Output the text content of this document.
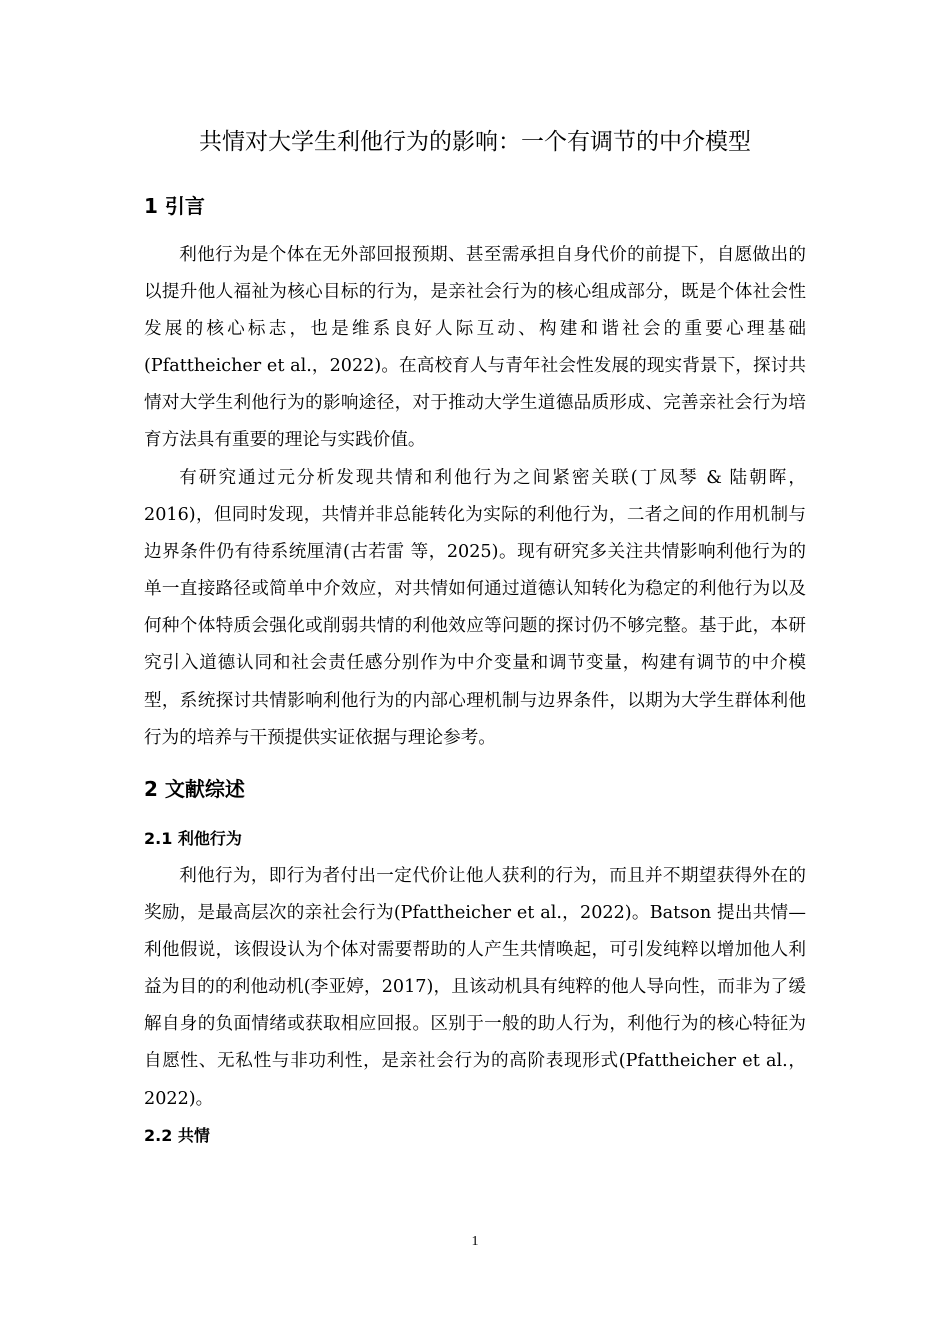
共情对大学生利他行为的影响：一个有调节的中介模型
1 引言

利他行为是个体在无外部回报预期、甚至需承担自身代价的前提下，自愿做出的以提升他人福祉为核心目标的行为，是亲社会行为的核心组成部分，既是个体社会性发展的核心标志，也是维系良好人际互动、构建和谐社会的重要心理基础(Pfattheicher et al.，2022)。在高校育人与青年社会性发展的现实背景下，探讨共情对大学生利他行为的影响途径，对于推动大学生道德品质形成、完善亲社会行为培育方法具有重要的理论与实践价值。

有研究通过元分析发现共情和利他行为之间紧密关联(丁凤琴 & 陆朝晖，2016)，但同时发现，共情并非总能转化为实际的利他行为，二者之间的作用机制与边界条件仍有待系统厘清(古若雷 等，2025)。现有研究多关注共情影响利他行为的单一直接路径或简单中介效应，对共情如何通过道德认知转化为稳定的利他行为以及何种个体特质会强化或削弱共情的利他效应等问题的探讨仍不够完整。基于此，本研究引入道德认同和社会责任感分别作为中介变量和调节变量，构建有调节的中介模型，系统探讨共情影响利他行为的内部心理机制与边界条件，以期为大学生群体利他行为的培养与干预提供实证依据与理论参考。

2 文献综述
2.1 利他行为

利他行为，即行为者付出一定代价让他人获利的行为，而且并不期望获得外在的奖励，是最高层次的亲社会行为(Pfattheicher et al.，2022)。Batson 提出共情—利他假说，该假设认为个体对需要帮助的人产生共情唤起，可引发纯粹以增加他人利益为目的的利他动机(李亚婷，2017)，且该动机具有纯粹的他人导向性，而非为了缓解自身的负面情绪或获取相应回报。区别于一般的助人行为，利他行为的核心特征为自愿性、无私性与非功利性，是亲社会行为的高阶表现形式(Pfattheicher et al.，2022)。

2.2 共情
1
